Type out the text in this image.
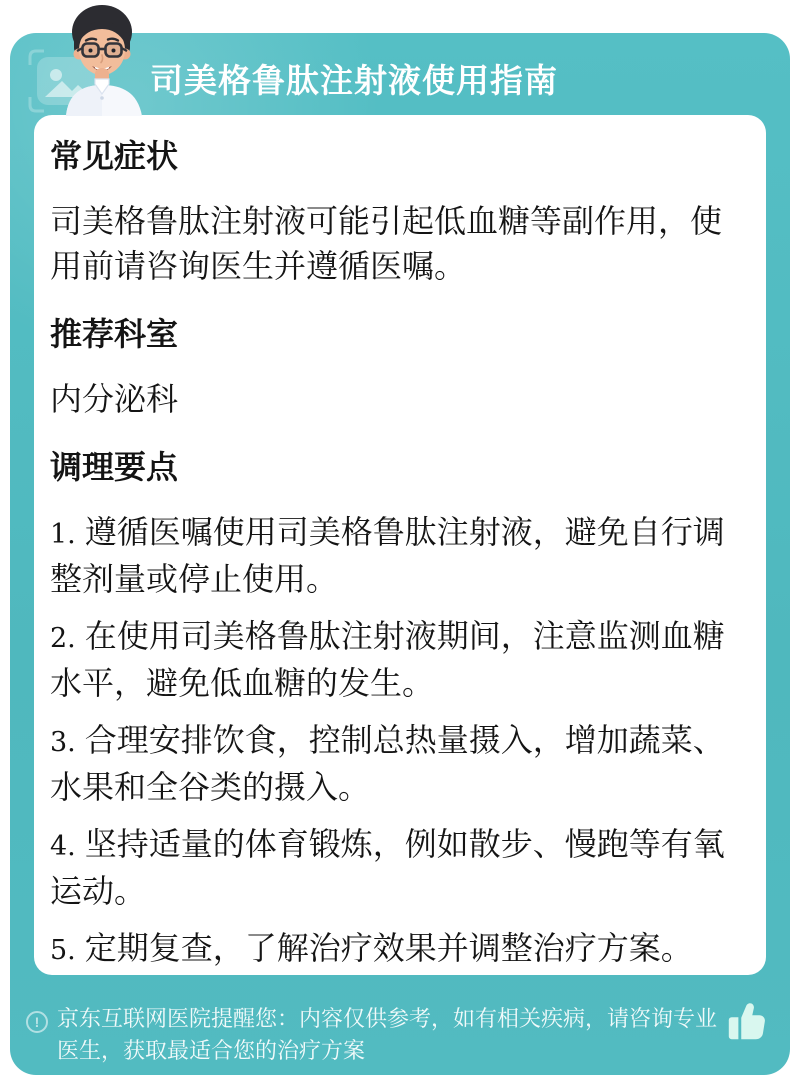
司美格鲁肽注射液使用指南
常见症状

司美格鲁肽注射液可能引起低血糖等副作用，使用前请咨询医生并遵循医嘱。

推荐科室

内分泌科

调理要点
1. 遵循医嘱使用司美格鲁肽注射液，避免自行调整剂量或停止使用。
2. 在使用司美格鲁肽注射液期间，注意监测血糖水平，避免低血糖的发生。
3. 合理安排饮食，控制总热量摄入，增加蔬菜、水果和全谷类的摄入。
4. 坚持适量的体育锻炼，例如散步、慢跑等有氧运动。
5. 定期复查，了解治疗效果并调整治疗方案。
! 京东互联网医院提醒您：内容仅供参考，如有相关疾病，请咨询专业医生，获取最适合您的治疗方案
